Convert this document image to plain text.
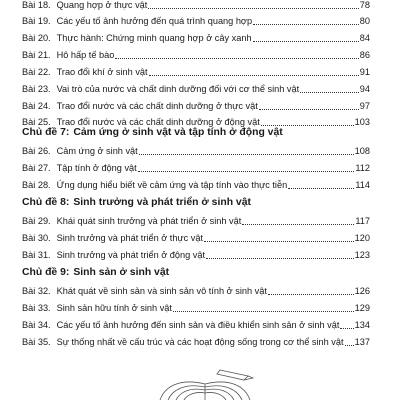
Bài 18. Quang hợp ở thực vật	78
Bài 19. Các yếu tố ảnh hưởng đến quá trình quang hợp	80
Bài 20. Thực hành: Chứng minh quang hợp ở cây xanh	84
Bài 21. Hô hấp tế bào	86
Bài 22. Trao đổi khí ở sinh vật	91
Bài 23. Vai trò của nước và chất dinh dưỡng đối với cơ thể sinh vật	94
Bài 24. Trao đổi nước và các chất dinh dưỡng ở thực vật	97
Bài 25. Trao đổi nước và các chất dinh dưỡng ở động vật	103
Chủ đề 7: Cảm ứng ở sinh vật và tập tính ở động vật
Bài 26. Cảm ứng ở sinh vật	108
Bài 27. Tập tính ở động vật	112
Bài 28. Ứng dụng hiểu biết về cảm ứng và tập tính vào thực tiễn	114
Chủ đề 8: Sinh trưởng và phát triển ở sinh vật
Bài 29. Khái quát sinh trưởng và phát triển ở sinh vật	117
Bài 30. Sinh trưởng và phát triển ở thực vật	120
Bài 31. Sinh trưởng và phát triển ở động vật	123
Chủ đề 9: Sinh sản ở sinh vật
Bài 32. Khát quát về sinh sản và sinh sản vô tính ở sinh vật	126
Bài 33. Sinh sản hữu tính ở sinh vật	129
Bài 34. Các yếu tố ảnh hưởng đến sinh sản và điều khiển sinh sản ở sinh vật 134
Bài 35. Sự thống nhất về cấu trúc và các hoạt động sống trong cơ thể sinh vật 137
